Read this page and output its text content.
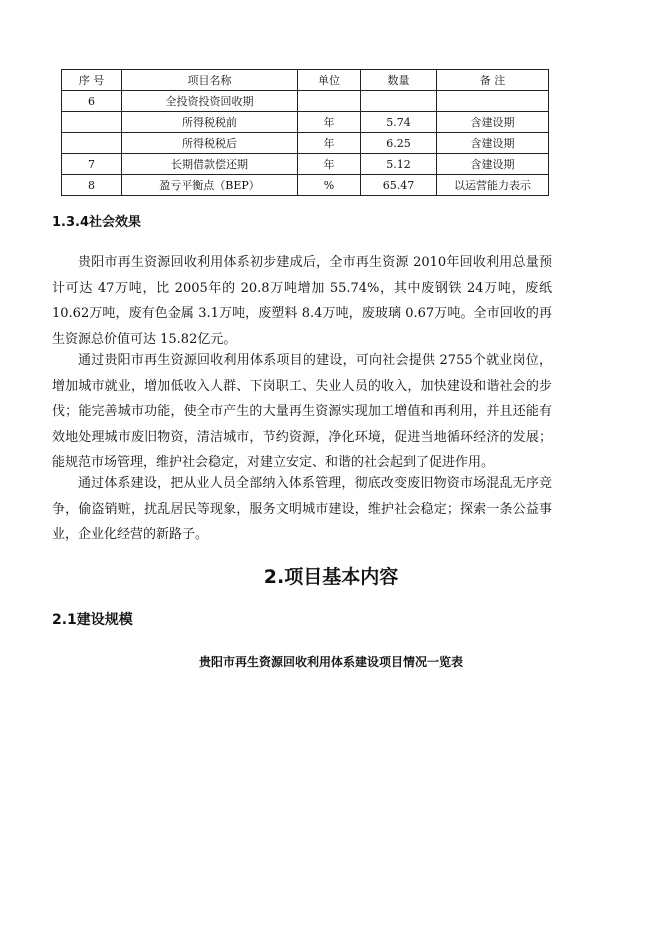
序 号	项目名称	单位	数量	备 注
6	全投资投资回收期			
	所得税税前	年	5.74	含建设期
	所得税税后	年	6.25	含建设期
7	长期借款偿还期	年	5.12	含建设期
8	盈亏平衡点（BEP）	%	65.47	以运营能力表示
1.3.4社会效果

贵阳市再生资源回收利用体系初步建成后，全市再生资源 2010年回收利用总量预计可达 47万吨，比 2005年的 20.8万吨增加 55.74%，其中废钢铁 24万吨，废纸 10.62万吨，废有色金属 3.1万吨，废塑料 8.4万吨，废玻璃 0.67万吨。全市回收的再生资源总价值可达 15.82亿元。

通过贵阳市再生资源回收利用体系项目的建设，可向社会提供 2755个就业岗位，增加城市就业，增加低收入人群、下岗职工、失业人员的收入，加快建设和谐社会的步伐；能完善城市功能，使全市产生的大量再生资源实现加工增值和再利用，并且还能有效地处理城市废旧物资，清洁城市，节约资源，净化环境，促进当地循环经济的发展；能规范市场管理，维护社会稳定，对建立安定、和谐的社会起到了促进作用。

通过体系建设，把从业人员全部纳入体系管理，彻底改变废旧物资市场混乱无序竞争，偷盗销赃，扰乱居民等现象，服务文明城市建设，维护社会稳定；探索一条公益事业，企业化经营的新路子。

2.项目基本内容
2.1建设规模
贵阳市再生资源回收利用体系建设项目情况一览表
